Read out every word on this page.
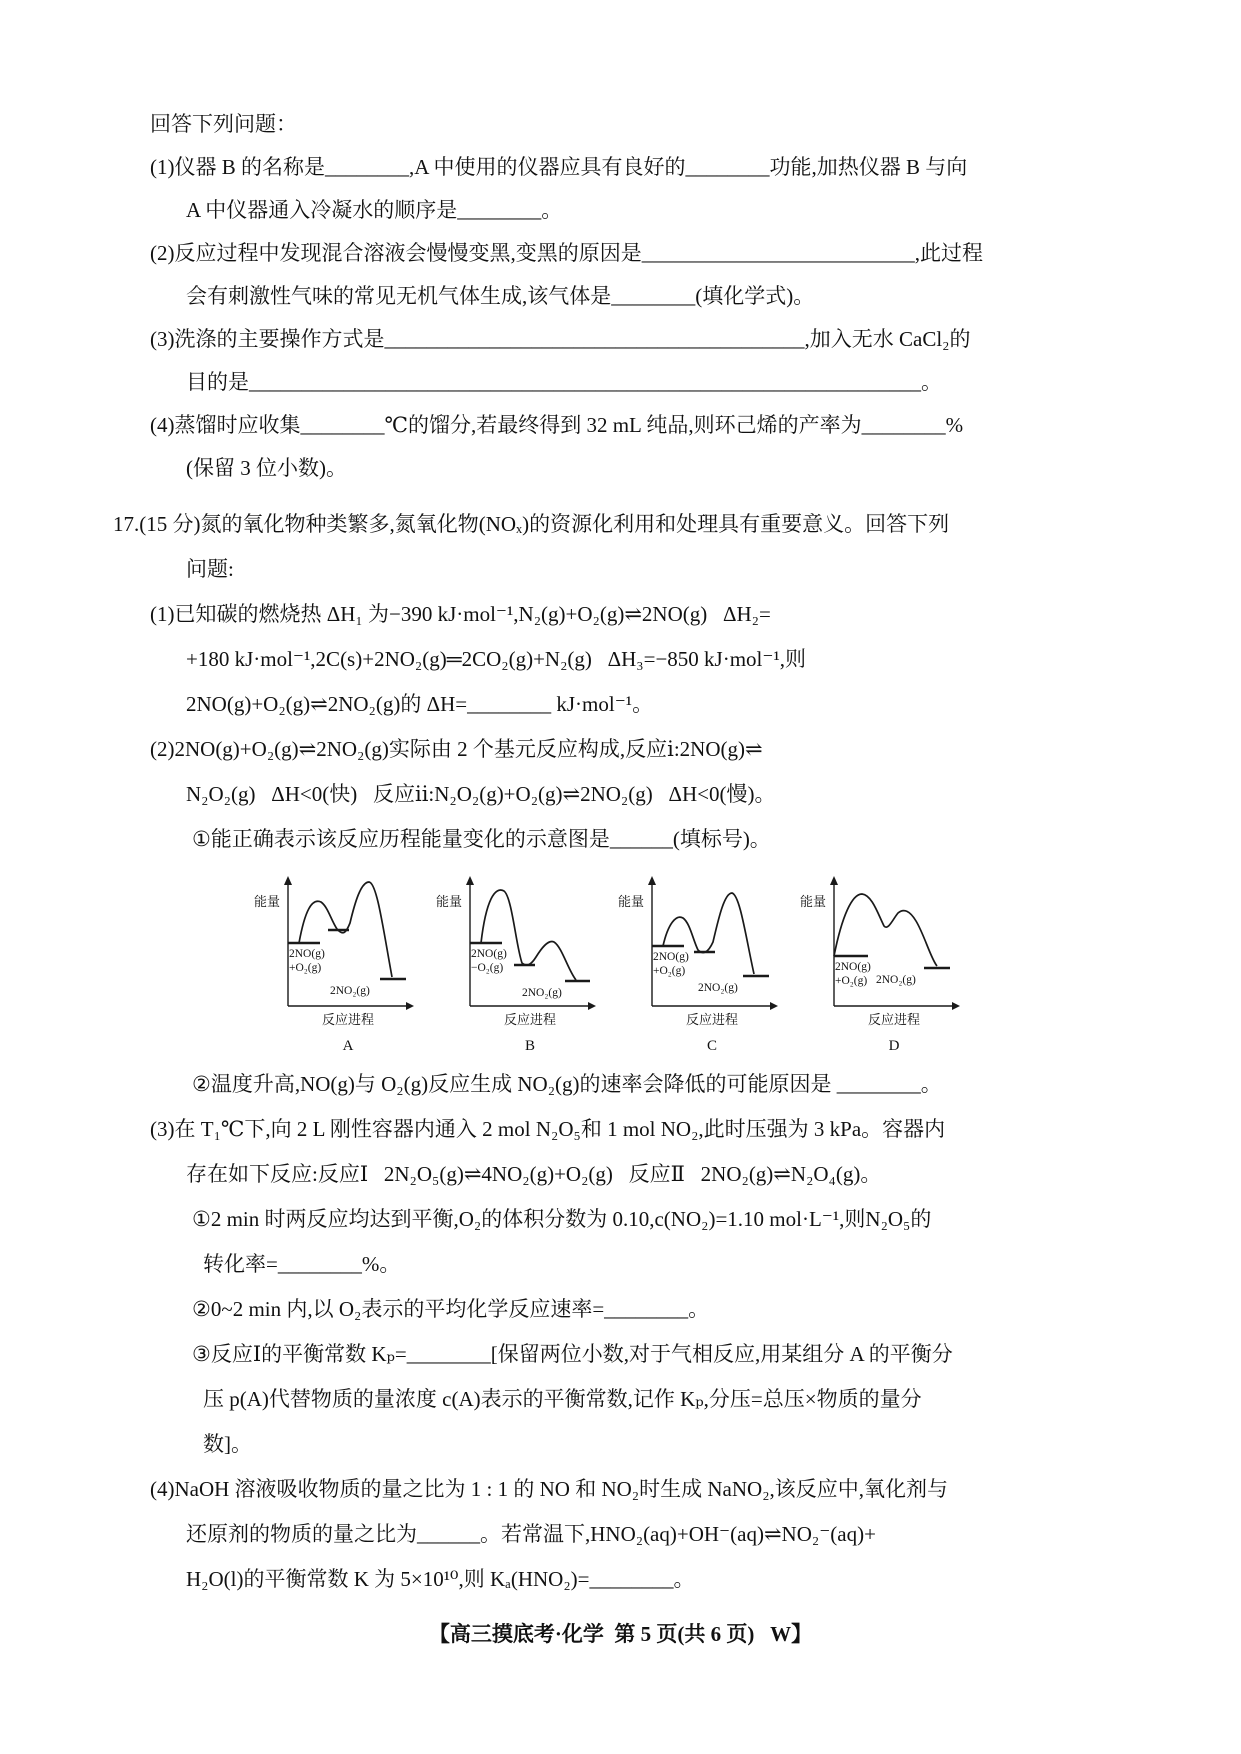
回答下列问题：
(1)仪器 B 的名称是________,A 中使用的仪器应具有良好的________功能,加热仪器 B 与向
A 中仪器通入冷凝水的顺序是________。
(2)反应过程中发现混合溶液会慢慢变黑,变黑的原因是__________________________,此过程
会有刺激性气味的常见无机气体生成,该气体是________(填化学式)。
(3)洗涤的主要操作方式是________________________________________,加入无水 CaCl₂的
目的是________________________________________________________________。
(4)蒸馏时应收集________℃的馏分,若最终得到 32 mL 纯品,则环己烯的产率为________%
(保留 3 位小数)。
17.(15 分)氮的氧化物种类繁多,氮氧化物(NOₓ)的资源化利用和处理具有重要意义。回答下列
问题:
(1)已知碳的燃烧热 ΔH₁ 为−390 kJ·mol⁻¹,N₂(g)+O₂(g)⇌2NO(g)   ΔH₂=
+180 kJ·mol⁻¹,2C(s)+2NO₂(g)═2CO₂(g)+N₂(g)   ΔH₃=−850 kJ·mol⁻¹,则
2NO(g)+O₂(g)⇌2NO₂(g)的 ΔH=________ kJ·mol⁻¹。
(2)2NO(g)+O₂(g)⇌2NO₂(g)实际由 2 个基元反应构成,反应ⅰ:2NO(g)⇌
N₂O₂(g)   ΔH<0(快)   反应ⅱ:N₂O₂(g)+O₂(g)⇌2NO₂(g)   ΔH<0(慢)。
①能正确表示该反应历程能量变化的示意图是______(填标号)。
能量
2NO(g)
+O₂(g)
2NO₂(g)
反应进程
A
能量
2NO(g)
−O₂(g)
2NO₂(g)
反应进程
B
能量
2NO(g)
+O₂(g)
2NO₂(g)
反应进程
C
能量
2NO(g)
+O₂(g) 2NO₂(g)
反应进程
D
②温度升高,NO(g)与 O₂(g)反应生成 NO₂(g)的速率会降低的可能原因是 ________。
(3)在 T₁℃下,向 2 L 刚性容器内通入 2 mol N₂O₅和 1 mol NO₂,此时压强为 3 kPa。容器内
存在如下反应:反应Ⅰ   2N₂O₅(g)⇌4NO₂(g)+O₂(g)   反应Ⅱ   2NO₂(g)⇌N₂O₄(g)。
①2 min 时两反应均达到平衡,O₂的体积分数为 0.10,c(NO₂)=1.10 mol·L⁻¹,则N₂O₅的
转化率=________%。
②0~2 min 内,以 O₂表示的平均化学反应速率=________。
③反应Ⅰ的平衡常数 Kₚ=________[保留两位小数,对于气相反应,用某组分 A 的平衡分
压 p(A)代替物质的量浓度 c(A)表示的平衡常数,记作 Kₚ,分压=总压×物质的量分
数]。
(4)NaOH 溶液吸收物质的量之比为 1 : 1 的 NO 和 NO₂时生成 NaNO₂,该反应中,氧化剂与
还原剂的物质的量之比为______。若常温下,HNO₂(aq)+OH⁻(aq)⇌NO₂⁻(aq)+
H₂O(l)的平衡常数 K 为 5×10¹⁰,则 Kₐ(HNO₂)=________。
【高三摸底考·化学  第 5 页(共 6 页)   W】
